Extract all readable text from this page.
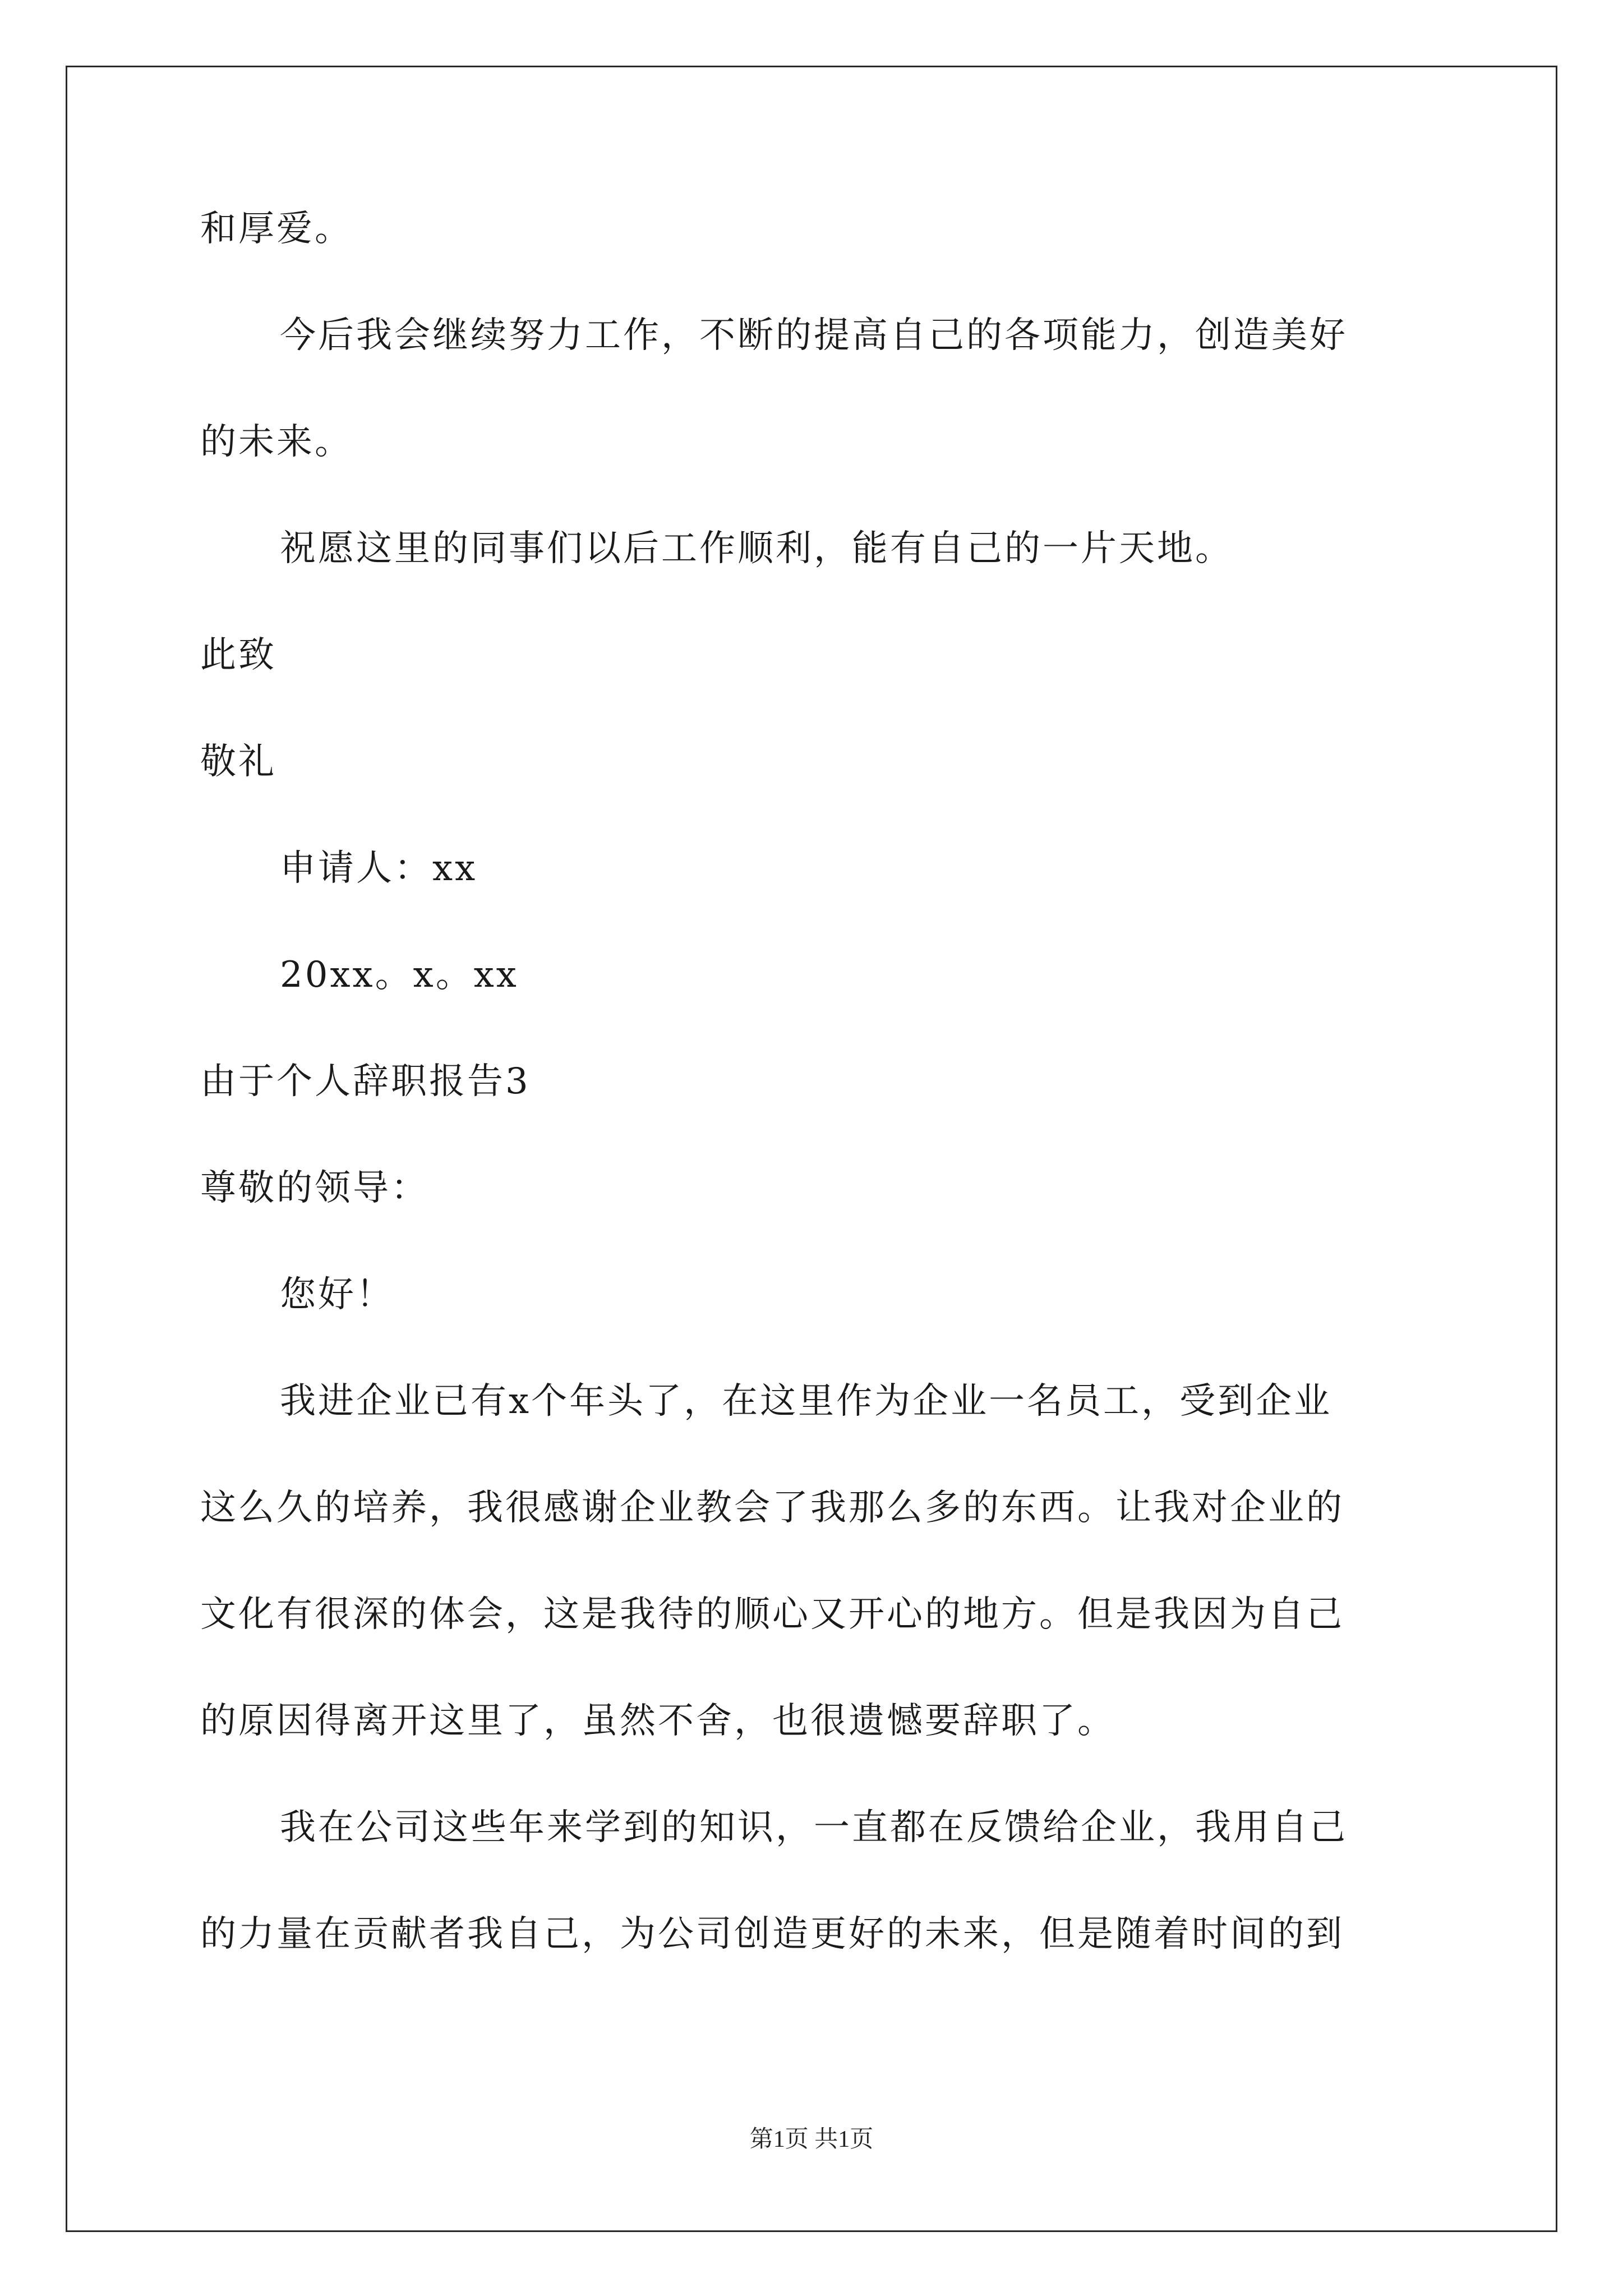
和厚爱。
今后我会继续努力工作，不断的提高自己的各项能力，创造美好
的未来。
祝愿这里的同事们以后工作顺利，能有自己的一片天地。
此致
敬礼
申请人：xx
20xx。x。xx
由于个人辞职报告3
尊敬的领导：
您好！
我进企业已有x个年头了，在这里作为企业一名员工，受到企业
这么久的培养，我很感谢企业教会了我那么多的东西。让我对企业的
文化有很深的体会，这是我待的顺心又开心的地方。但是我因为自己
的原因得离开这里了，虽然不舍，也很遗憾要辞职了。
我在公司这些年来学到的知识，一直都在反馈给企业，我用自己
的力量在贡献者我自己，为公司创造更好的未来，但是随着时间的到
第1页 共1页
